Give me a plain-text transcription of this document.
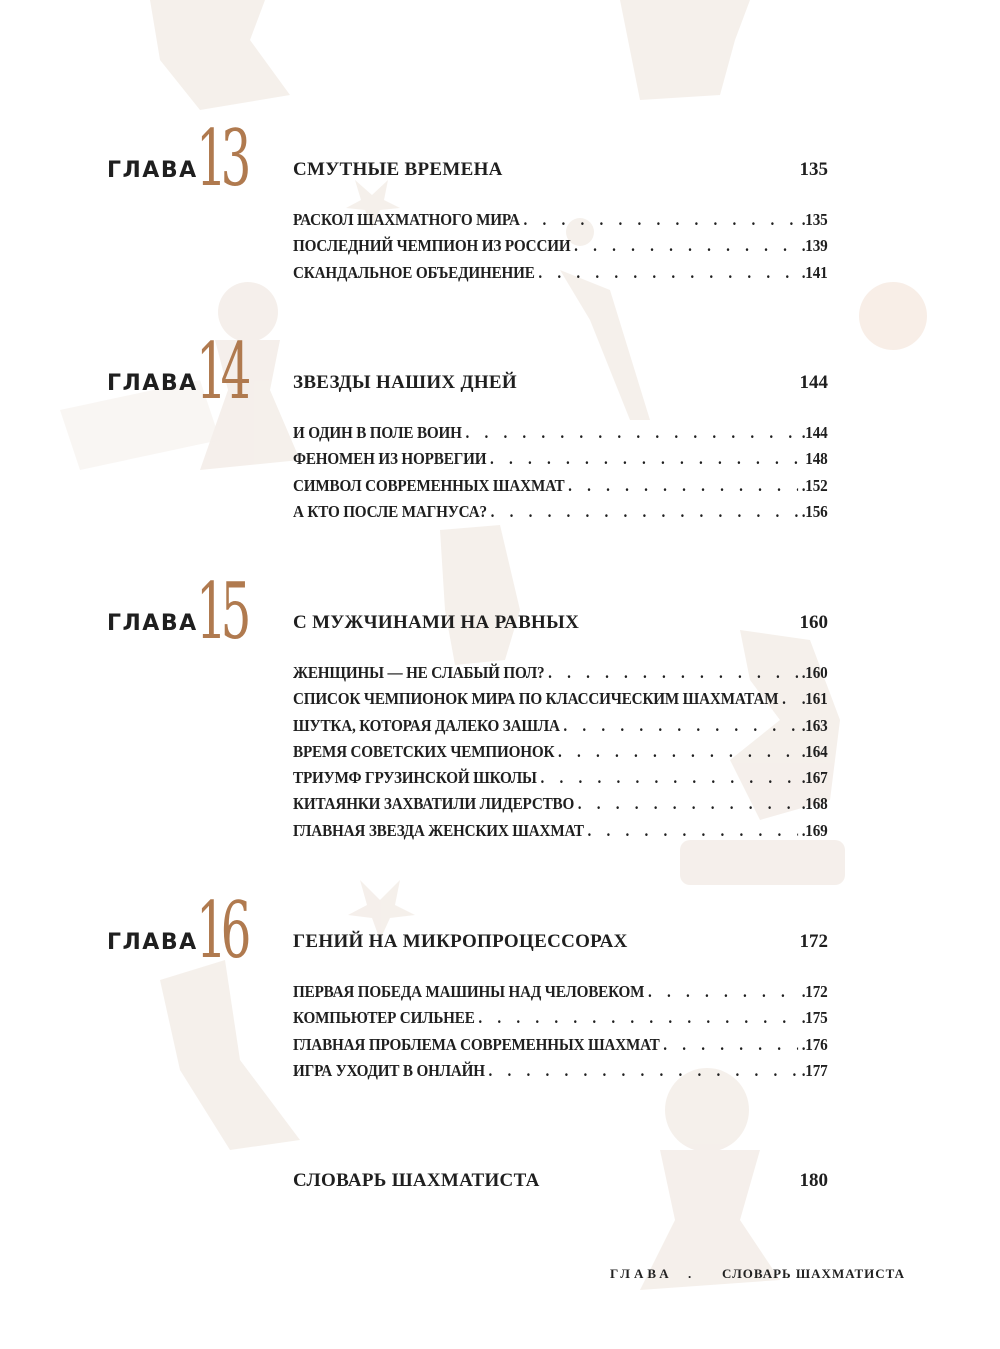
ГЛАВА
13	СМУТНЫЕ ВРЕМЕНА	135
РАСКОЛ ШАХМАТНОГО МИРА . . .	.135
ПОСЛЕДНИЙ ЧЕМПИОН ИЗ РОССИИ . . .	.139
СКАНДАЛЬНОЕ ОБЪЕДИНЕНИЕ . . .	.141
ГЛАВА
14	ЗВЕЗДЫ НАШИХ ДНЕЙ	144
И ОДИН В ПОЛЕ ВОИН . . .	.144
ФЕНОМЕН ИЗ НОРВЕГИИ . . .	148
СИМВОЛ СОВРЕМЕННЫХ ШАХМАТ . . .	.152
А КТО ПОСЛЕ МАГНУСА? . . .	.156
ГЛАВА
15	С МУЖЧИНАМИ НА РАВНЫХ	160
ЖЕНЩИНЫ — НЕ СЛАБЫЙ ПОЛ? . . .	.160
СПИСОК ЧЕМПИОНОК МИРА ПО КЛАССИЧЕСКИМ ШАХМАТАМ . . . .161
ШУТКА, КОТОРАЯ ДАЛЕКО ЗАШЛА . . .	.163
ВРЕМЯ СОВЕТСКИХ ЧЕМПИОНОК . . .	.164
ТРИУМФ ГРУЗИНСКОЙ ШКОЛЫ . . .	.167
КИТАЯНКИ ЗАХВАТИЛИ ЛИДЕРСТВО . . .	.168
ГЛАВНАЯ ЗВЕЗДА ЖЕНСКИХ ШАХМАТ . . .	.169
ГЛАВА
16	ГЕНИЙ НА МИКРОПРОЦЕССОРАХ	172
ПЕРВАЯ ПОБЕДА МАШИНЫ НАД ЧЕЛОВЕКОМ . . .	.172
КОМПЬЮТЕР СИЛЬНЕЕ . . .	.175
ГЛАВНАЯ ПРОБЛЕМА СОВРЕМЕННЫХ ШАХМАТ . . .	.176
ИГРА УХОДИТ В ОНЛАЙН . . .	.177
СЛОВАРЬ ШАХМАТИСТА	180
ГЛАВА . СЛОВАРЬ ШАХМАТИСТА
